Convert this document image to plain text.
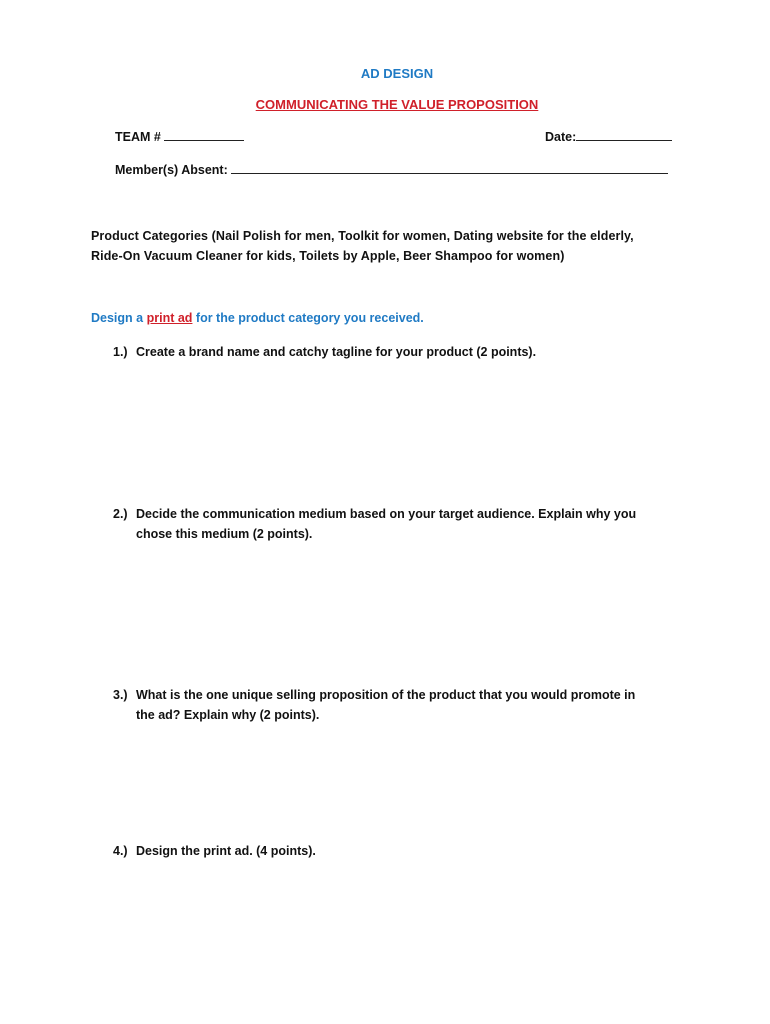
AD DESIGN
COMMUNICATING THE VALUE PROPOSITION
TEAM #	Date:
Member(s) Absent:
Product Categories (Nail Polish for men, Toolkit for women, Dating website for the elderly,
Ride-On Vacuum Cleaner for kids, Toilets by Apple, Beer Shampoo for women)
Design a print ad for the product category you received.
1.) Create a brand name and catchy tagline for your product (2 points).
2.) Decide the communication medium based on your target audience. Explain why you
chose this medium (2 points).
3.) What is the one unique selling proposition of the product that you would promote in
the ad? Explain why (2 points).
4.) Design the print ad. (4 points).
